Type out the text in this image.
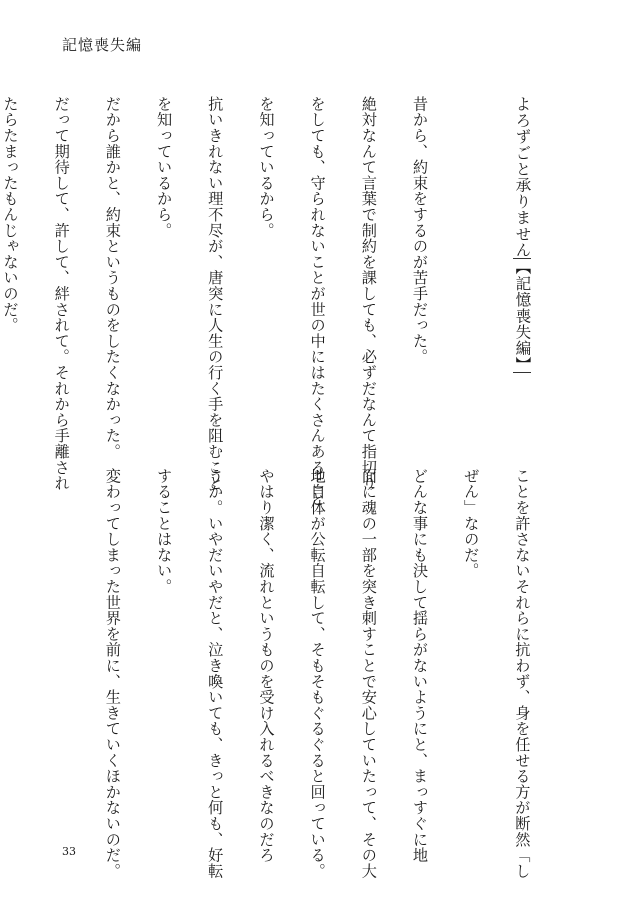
記憶喪失編

よろずごと承りません【記憶喪失編】

昔から、約束をするのが苦手だった。

絶対なんて言葉で制約を課しても、必ずだなんて指切り

をしても、守られないことが世の中にはたくさんあること

を知っているから。

抗いきれない理不尽が、唐突に人生の行く手を阻むこと

を知っているから。

だから誰かと、約束というものをしたくなかった。

だって期待して、許して、絆されて。それから手離され

たらたまったもんじゃないのだ。

ことを許さないそれらに抗わず、身を任せる方が断然「し

ぜん」なのだ。

どんな事にも決して揺らがないようにと、まっすぐに地

面に魂の一部を突き刺すことで安心していたって、その大

地自体が公転自転して、そもそもぐるぐると回っている。

やはり潔く、流れというものを受け入れるべきなのだろ

うか。いやだいやだと、泣き喚いても、きっと何も、好転

することはない。

変わってしまった世界を前に、生きていくほかないのだ。

33
